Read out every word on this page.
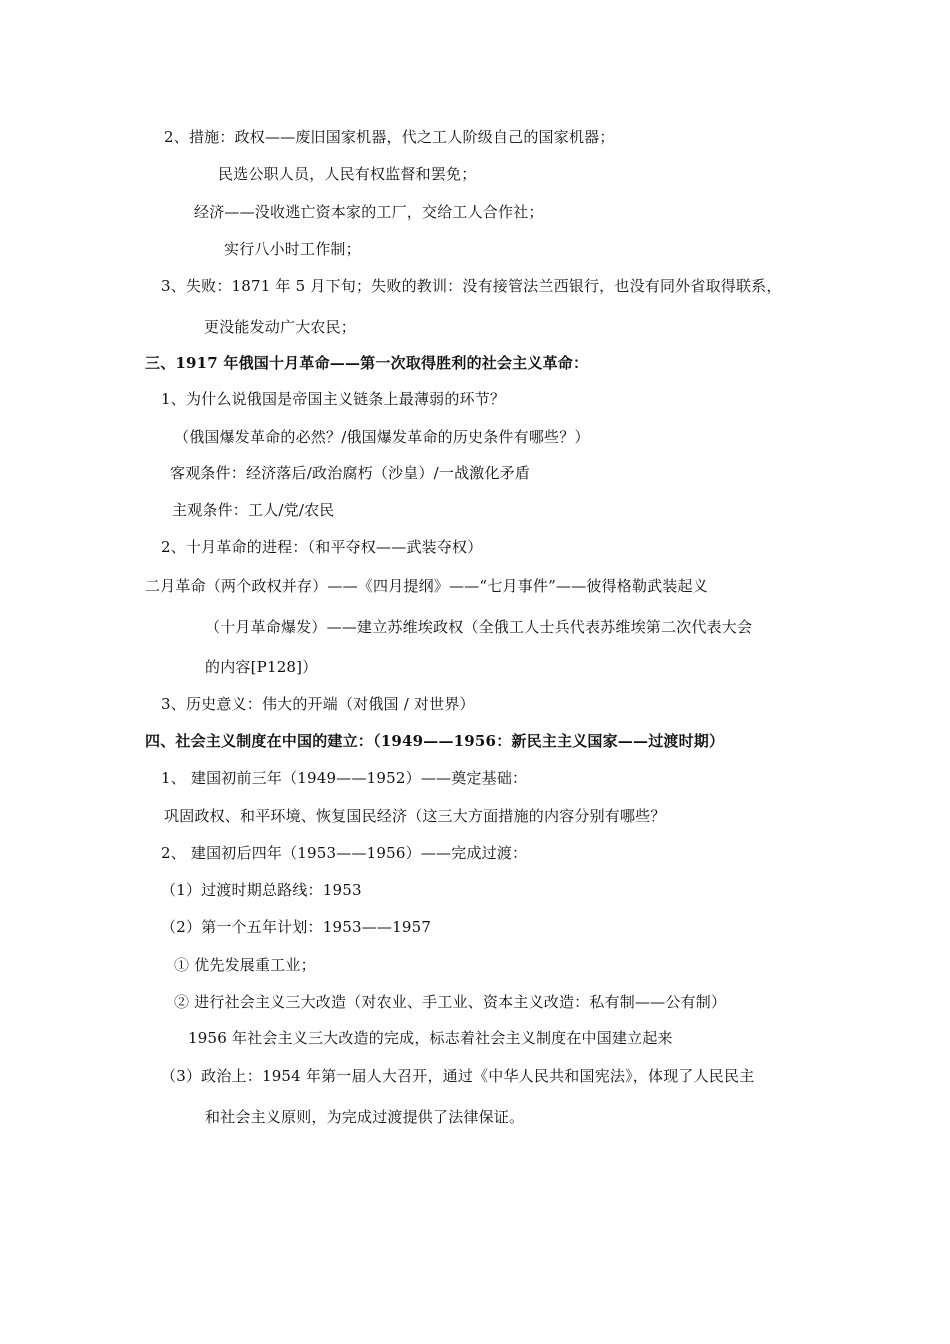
2、措施：政权——废旧国家机器，代之工人阶级自己的国家机器；
民选公职人员，人民有权监督和罢免；
经济——没收逃亡资本家的工厂，交给工人合作社；
实行八小时工作制；
3、失败：1871 年 5 月下旬；失败的教训：没有接管法兰西银行，也没有同外省取得联系，
更没能发动广大农民；
三、1917 年俄国十月革命——第一次取得胜利的社会主义革命：
1、为什么说俄国是帝国主义链条上最薄弱的环节？
（俄国爆发革命的必然？/俄国爆发革命的历史条件有哪些？）
客观条件：经济落后/政治腐朽（沙皇）/一战激化矛盾
主观条件：工人/党/农民
2、十月革命的进程：（和平夺权——武装夺权）
二月革命（两个政权并存）——《四月提纲》——“七月事件”——彼得格勒武装起义
（十月革命爆发）——建立苏维埃政权（全俄工人士兵代表苏维埃第二次代表大会
的内容[P128]）
3、历史意义：伟大的开端（对俄国 / 对世界）
四、社会主义制度在中国的建立：（1949——1956：新民主主义国家——过渡时期）
1、 建国初前三年（1949——1952）——奠定基础：
巩固政权、和平环境、恢复国民经济（这三大方面措施的内容分别有哪些？
2、 建国初后四年（1953——1956）——完成过渡：
（1）过渡时期总路线：1953
（2）第一个五年计划：1953——1957
① 优先发展重工业；
② 进行社会主义三大改造（对农业、手工业、资本主义改造：私有制——公有制）
1956 年社会主义三大改造的完成，标志着社会主义制度在中国建立起来
（3）政治上：1954 年第一届人大召开，通过《中华人民共和国宪法》，体现了人民民主
和社会主义原则，为完成过渡提供了法律保证。
